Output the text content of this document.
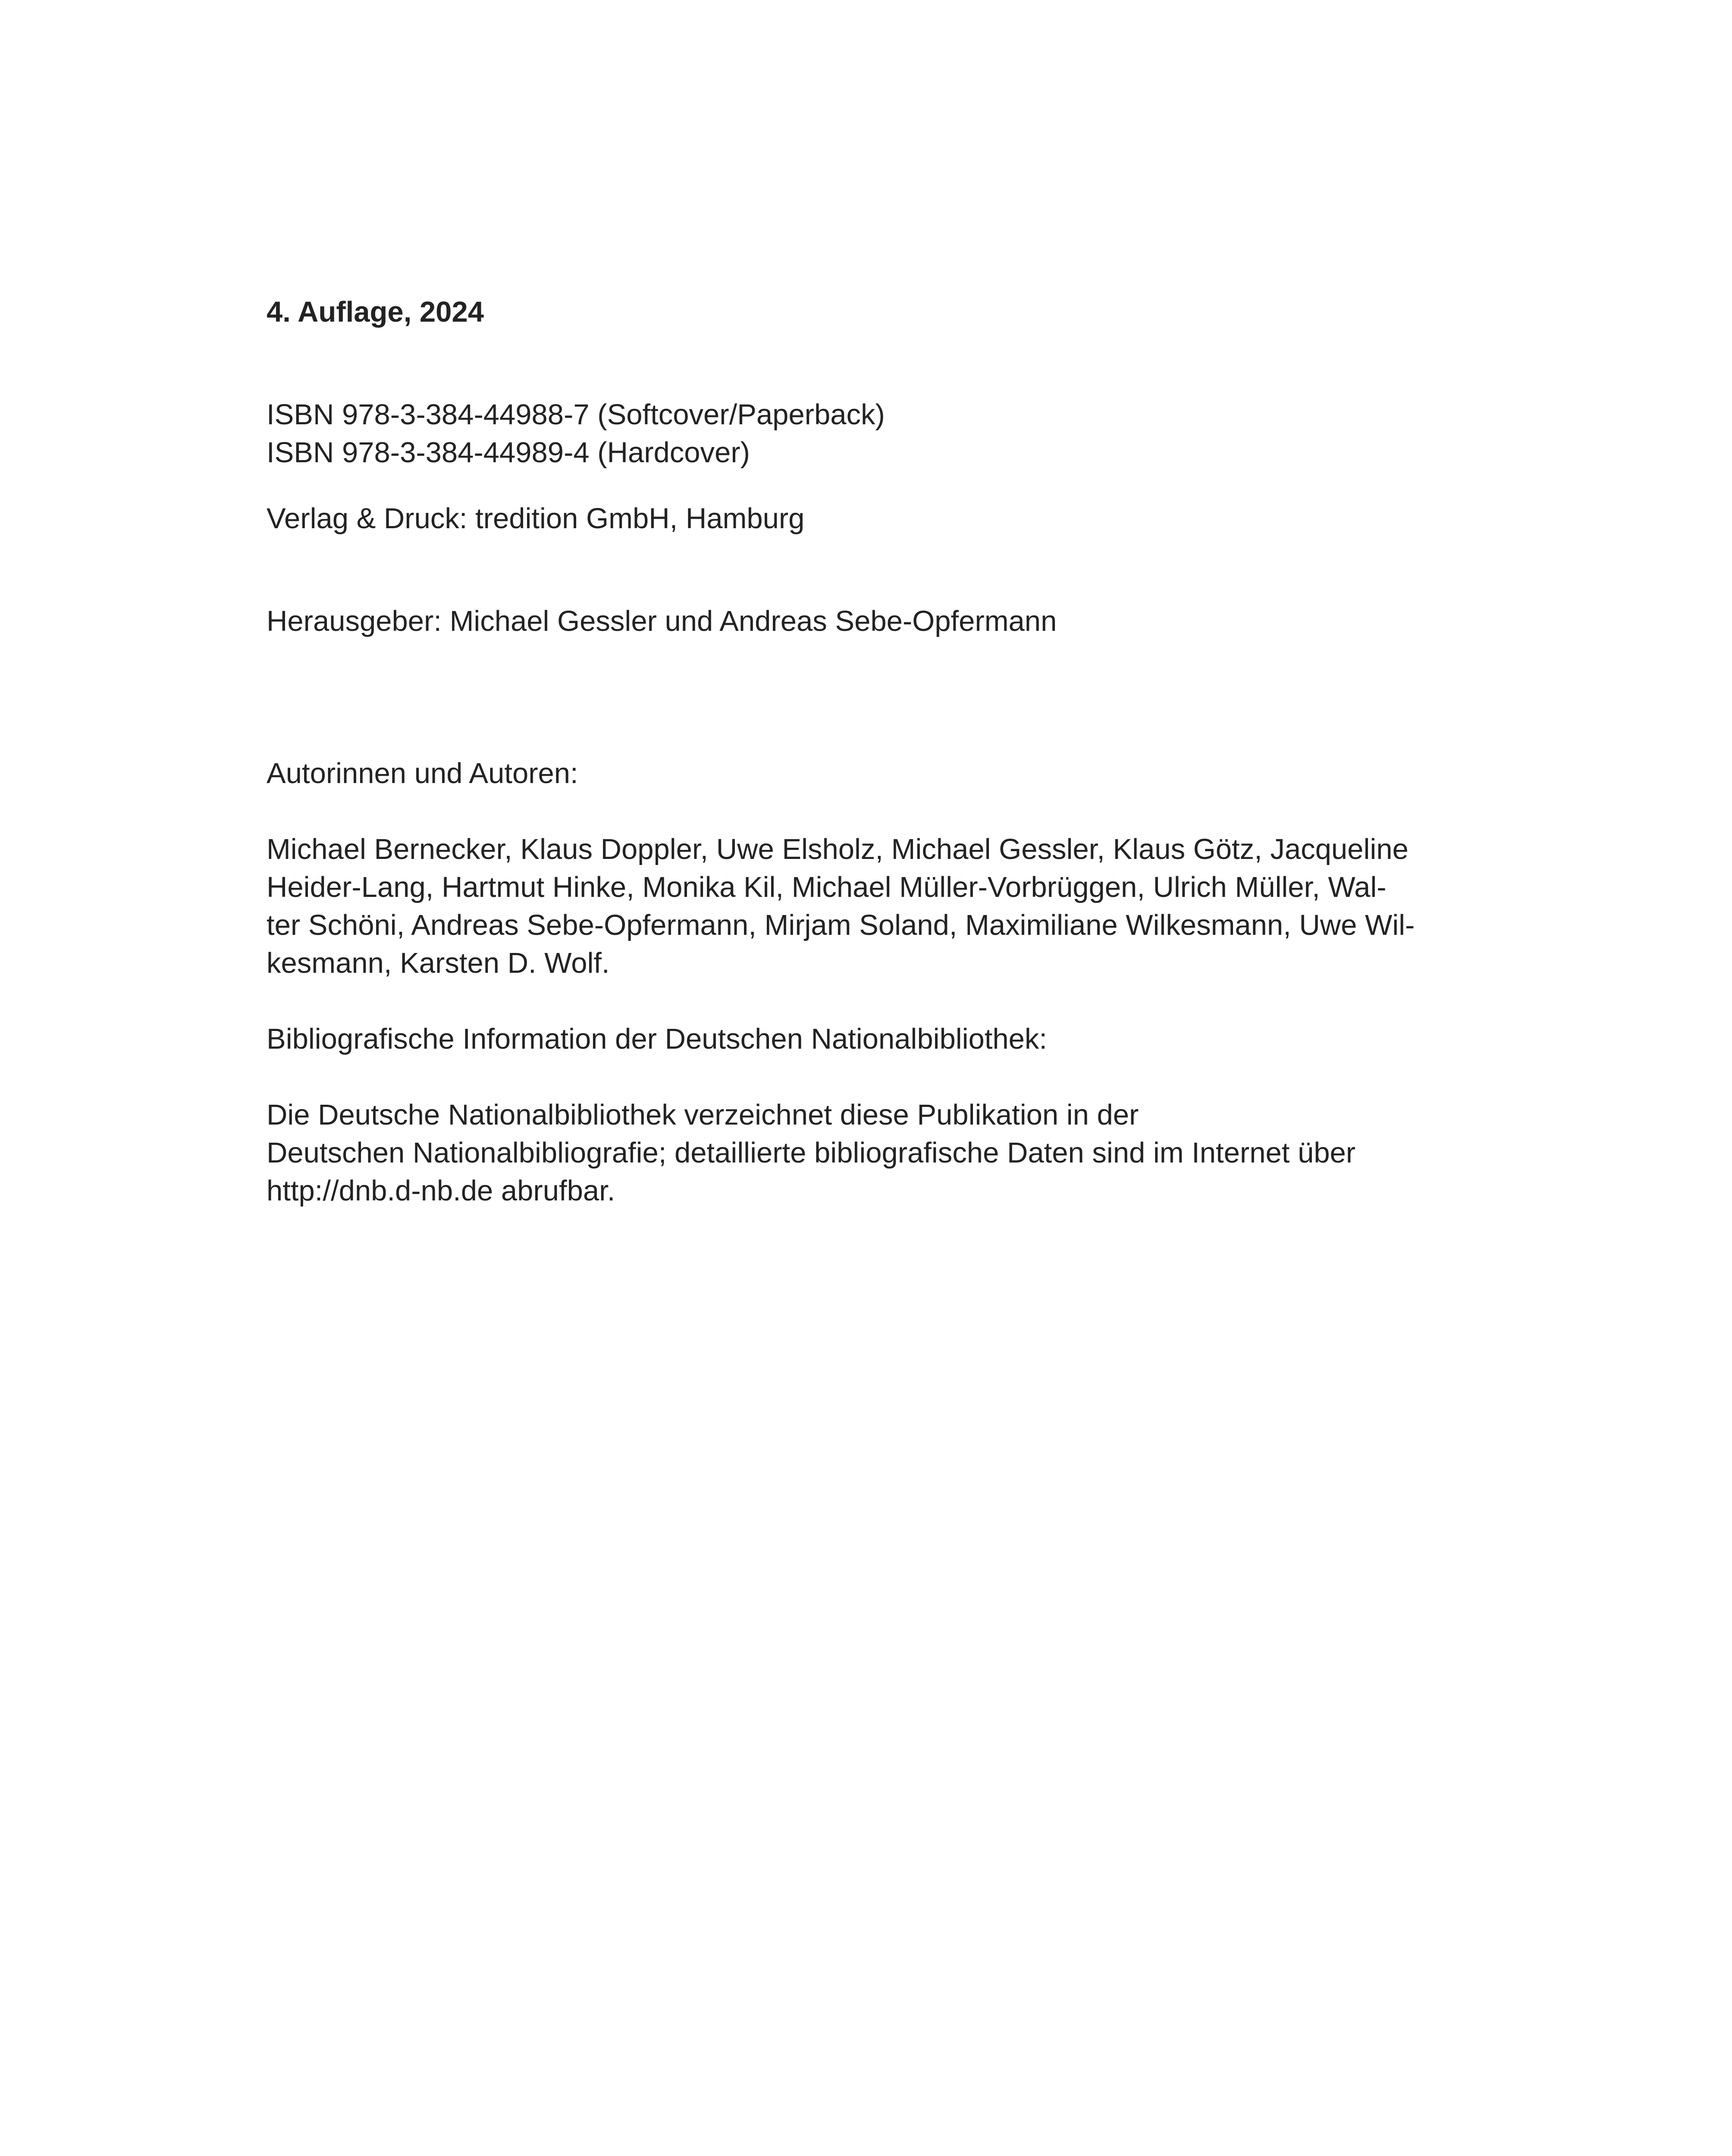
4. Auflage, 2024

ISBN 978-3-384-44988-7 (Softcover/Paperback)
ISBN 978-3-384-44989-4 (Hardcover)

Verlag & Druck: tredition GmbH, Hamburg

Herausgeber: Michael Gessler und Andreas Sebe-Opfermann

Autorinnen und Autoren:

Michael Bernecker, Klaus Doppler, Uwe Elsholz, Michael Gessler, Klaus Götz, Jacqueline
Heider-Lang, Hartmut Hinke, Monika Kil, Michael Müller-Vorbrüggen, Ulrich Müller, Wal-
ter Schöni, Andreas Sebe-Opfermann, Mirjam Soland, Maximiliane Wilkesmann, Uwe Wil-
kesmann, Karsten D. Wolf.

Bibliografische Information der Deutschen Nationalbibliothek:

Die Deutsche Nationalbibliothek verzeichnet diese Publikation in der
Deutschen Nationalbibliografie; detaillierte bibliografische Daten sind im Internet über
http://dnb.d-nb.de abrufbar.
